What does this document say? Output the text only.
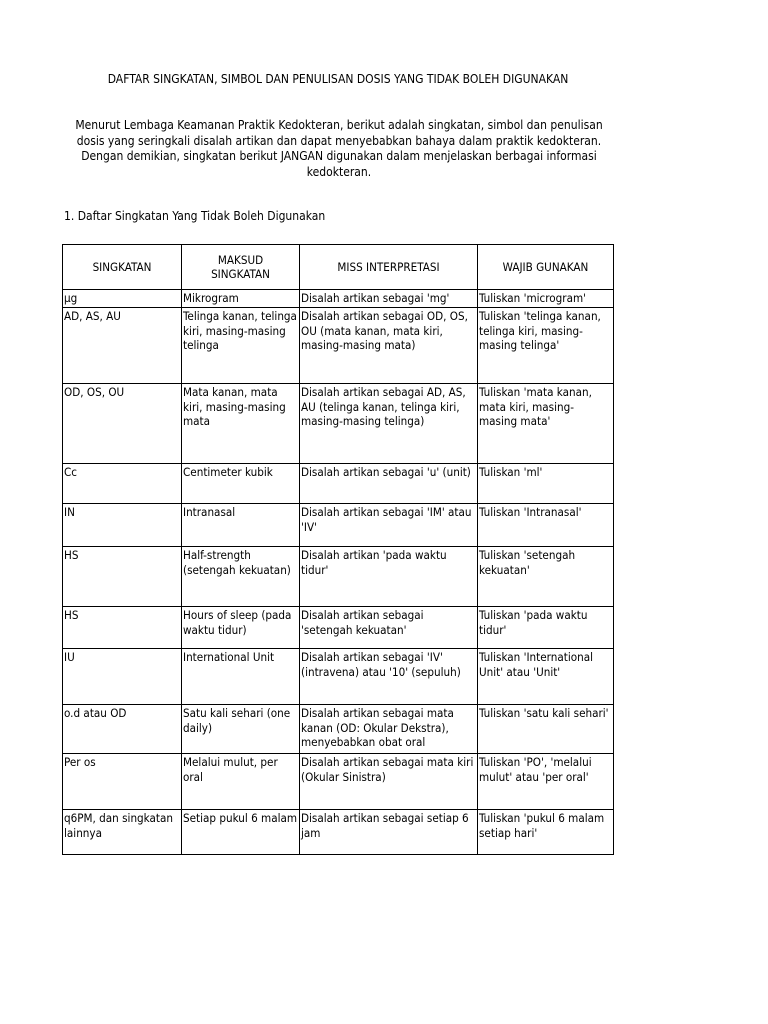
DAFTAR SINGKATAN, SIMBOL DAN PENULISAN DOSIS YANG TIDAK BOLEH DIGUNAKAN
Menurut Lembaga Keamanan Praktik Kedokteran, berikut adalah singkatan, simbol dan penulisan dosis yang seringkali disalah artikan dan dapat menyebabkan bahaya dalam praktik kedokteran. Dengan demikian, singkatan berikut JANGAN digunakan dalam menjelaskan berbagai informasi kedokteran.
1. Daftar Singkatan Yang Tidak Boleh Digunakan
SINGKATAN	MAKSUD SINGKATAN	MISS INTERPRETASI	WAJIB GUNAKAN
µg	Mikrogram	Disalah artikan sebagai 'mg'	Tuliskan 'microgram'
AD, AS, AU	Telinga kanan, telinga kiri, masing-masing telinga	Disalah artikan sebagai OD, OS, OU (mata kanan, mata kiri, masing-masing mata)	Tuliskan 'telinga kanan, telinga kiri, masing-masing telinga'
OD, OS, OU	Mata kanan, mata kiri, masing-masing mata	Disalah artikan sebagai AD, AS, AU (telinga kanan, telinga kiri, masing-masing telinga)	Tuliskan 'mata kanan, mata kiri, masing-masing mata'
Cc	Centimeter kubik	Disalah artikan sebagai 'u' (unit)	Tuliskan 'ml'
IN	Intranasal	Disalah artikan sebagai 'IM' atau 'IV'	Tuliskan 'Intranasal'
HS	Half-strength (setengah kekuatan)	Disalah artikan 'pada waktu tidur'	Tuliskan 'setengah kekuatan'
HS	Hours of sleep (pada waktu tidur)	Disalah artikan sebagai 'setengah kekuatan'	Tuliskan 'pada waktu tidur'
IU	International Unit	Disalah artikan sebagai 'IV' (intravena) atau '10' (sepuluh)	Tuliskan 'International Unit' atau 'Unit'
o.d atau OD	Satu kali sehari (one daily)	Disalah artikan sebagai mata kanan (OD: Okular Dekstra), menyebabkan obat oral	Tuliskan 'satu kali sehari'
Per os	Melalui mulut, per oral	Disalah artikan sebagai mata kiri (Okular Sinistra)	Tuliskan 'PO', 'melalui mulut' atau 'per oral'
q6PM, dan singkatan lainnya	Setiap pukul 6 malam	Disalah artikan sebagai setiap 6 jam	Tuliskan 'pukul 6 malam setiap hari'
